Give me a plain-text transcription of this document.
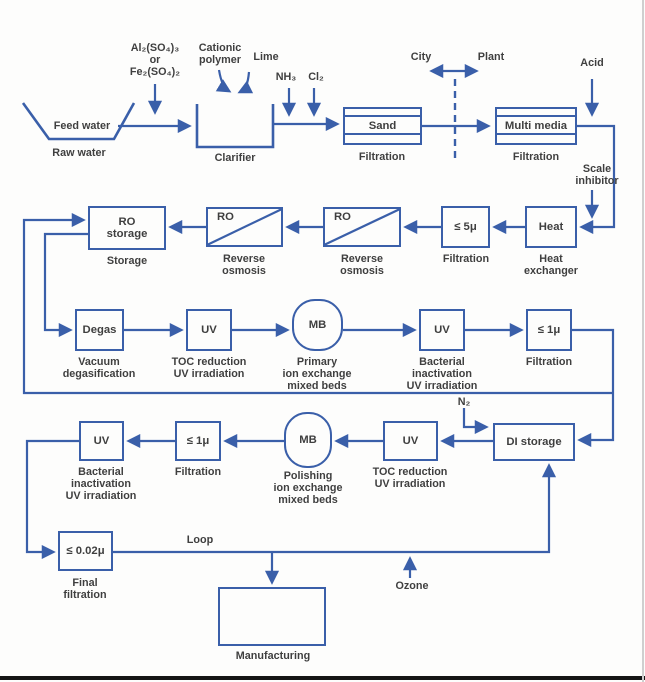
Sand	Multi media
Heat
≤ 5μ
RO
RO
RO
storage
Degas	UV	MB	UV	≤ 1μ
DI storage
UV
MB
≤ 1μ
UV
≤ 0.02μ
Feed water
Raw water
Al₂(SO₄)₃
or
Fe₂(SO₄)₂
Cationic
polymer Lime
NH₃ Cl₂
Clarifier	Filtration
City	Plant
Filtration
Acid
Scale
inhibitor
Heat
exchanger
Filtration
Reverse
osmosis
Reverse
osmosis
Storage
Vacuum
degasification
TOC reduction
UV irradiation
Primary
ion exchange
mixed beds
Bacterial
inactivation
UV irradiation
Filtration
N₂
TOC reduction
UV irradiation
Polishing
ion exchange
mixed beds
Filtration
Bacterial
inactivation
UV irradiation
Final
filtration
Loop
Ozone
Manufacturing
